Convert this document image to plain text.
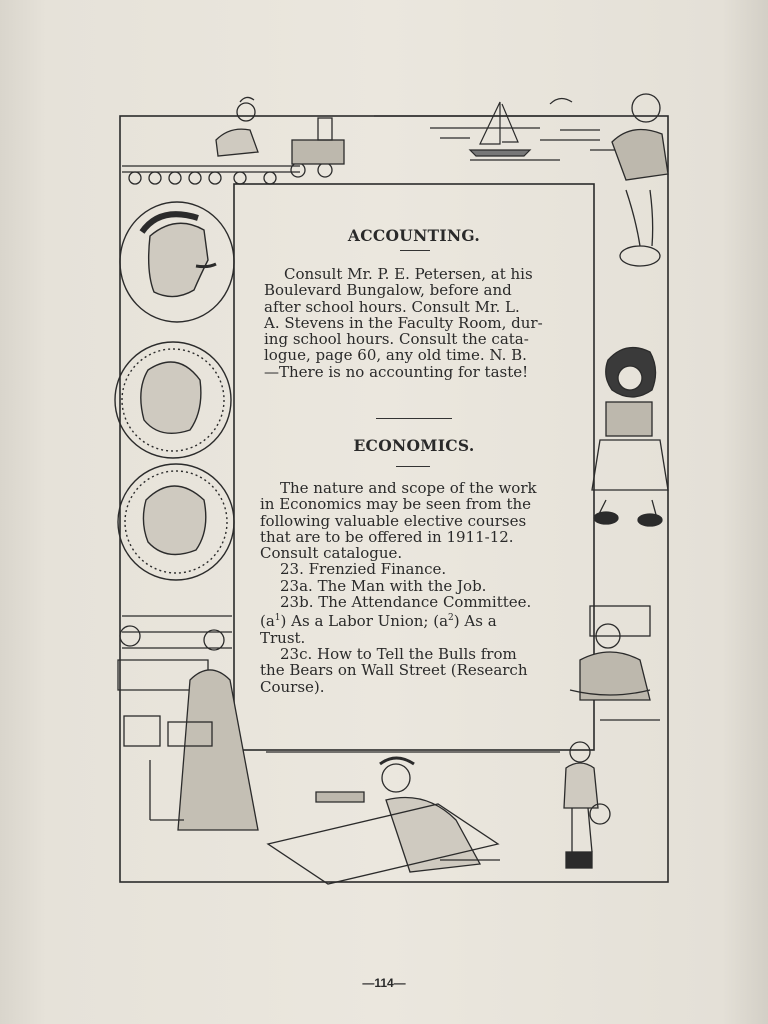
ACCOUNTING.
Consult Mr. P. E. Petersen, at his
Boulevard Bungalow, before and
after school hours. Consult Mr. L.
A. Stevens in the Faculty Room, dur-
ing school hours. Consult the cata-
logue, page 60, any old time. N. B.
—There is no accounting for taste!
ECONOMICS.
The nature and scope of the work
in Economics may be seen from the
following valuable elective courses
that are to be offered in 1911-12.
Consult catalogue.
23. Frenzied Finance.
23a. The Man with the Job.
23b. The Attendance Committee.
$(a^1)$ As a Labor Union; $(a^2)$ As a
Trust.
23c. How to Tell the Bulls from
the Bears on Wall Street (Research
Course).
—114—
